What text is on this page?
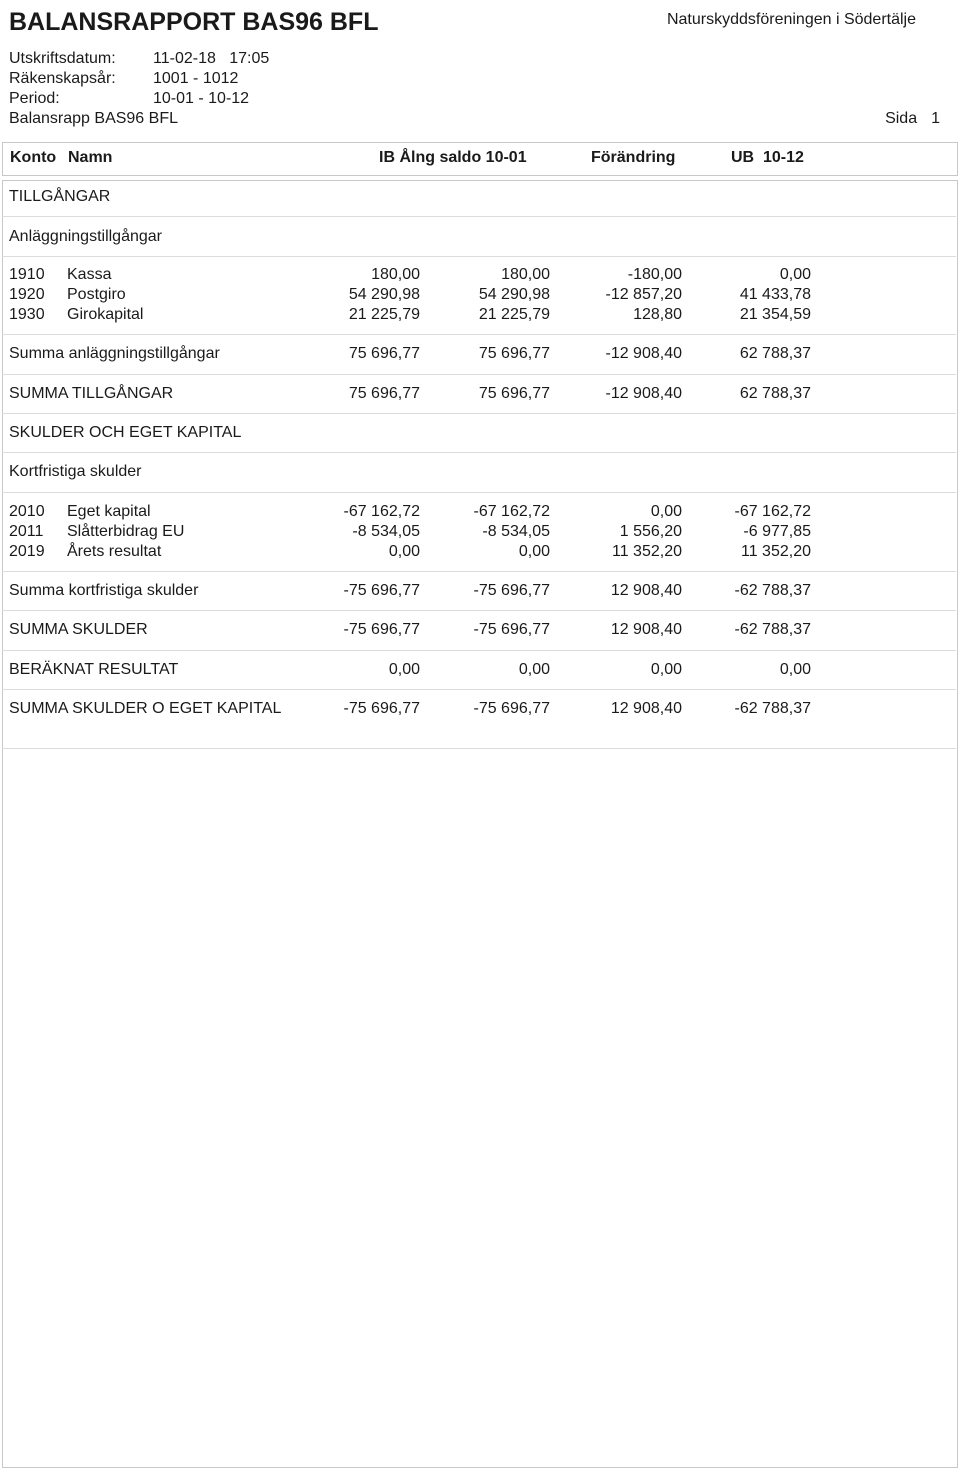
BALANSRAPPORT BAS96 BFL	Naturskyddsföreningen i Södertälje
Utskriftsdatum: 11-02-18   17:05
Räkenskapsår: 1001 - 1012
Period:	10-01 - 10-12
Balansrapp BAS96 BFL	Sida 1
Konto Namn	IB Ålng saldo 10-01	Förändring	UB  10-12
TILLGÅNGAR
Anläggningstillgångar
1910 Kassa	180,00	180,00	-180,00	0,00
1920 Postgiro	54 290,98	54 290,98	-12 857,20	41 433,78
1930 Girokapital	21 225,79	21 225,79	128,80	21 354,59
Summa anläggningstillgångar	75 696,77	75 696,77	-12 908,40	62 788,37
SUMMA TILLGÅNGAR	75 696,77	75 696,77	-12 908,40	62 788,37
SKULDER OCH EGET KAPITAL
Kortfristiga skulder
2010 Eget kapital	-67 162,72	-67 162,72	0,00	-67 162,72
2011 Slåtterbidrag EU	-8 534,05	-8 534,05	1 556,20	-6 977,85
2019 Årets resultat	0,00	0,00	11 352,20	11 352,20
Summa kortfristiga skulder	-75 696,77	-75 696,77	12 908,40	-62 788,37
SUMMA SKULDER	-75 696,77	-75 696,77	12 908,40	-62 788,37
BERÄKNAT RESULTAT	0,00	0,00	0,00	0,00
SUMMA SKULDER O EGET KAPITAL	-75 696,77	-75 696,77	12 908,40	-62 788,37
